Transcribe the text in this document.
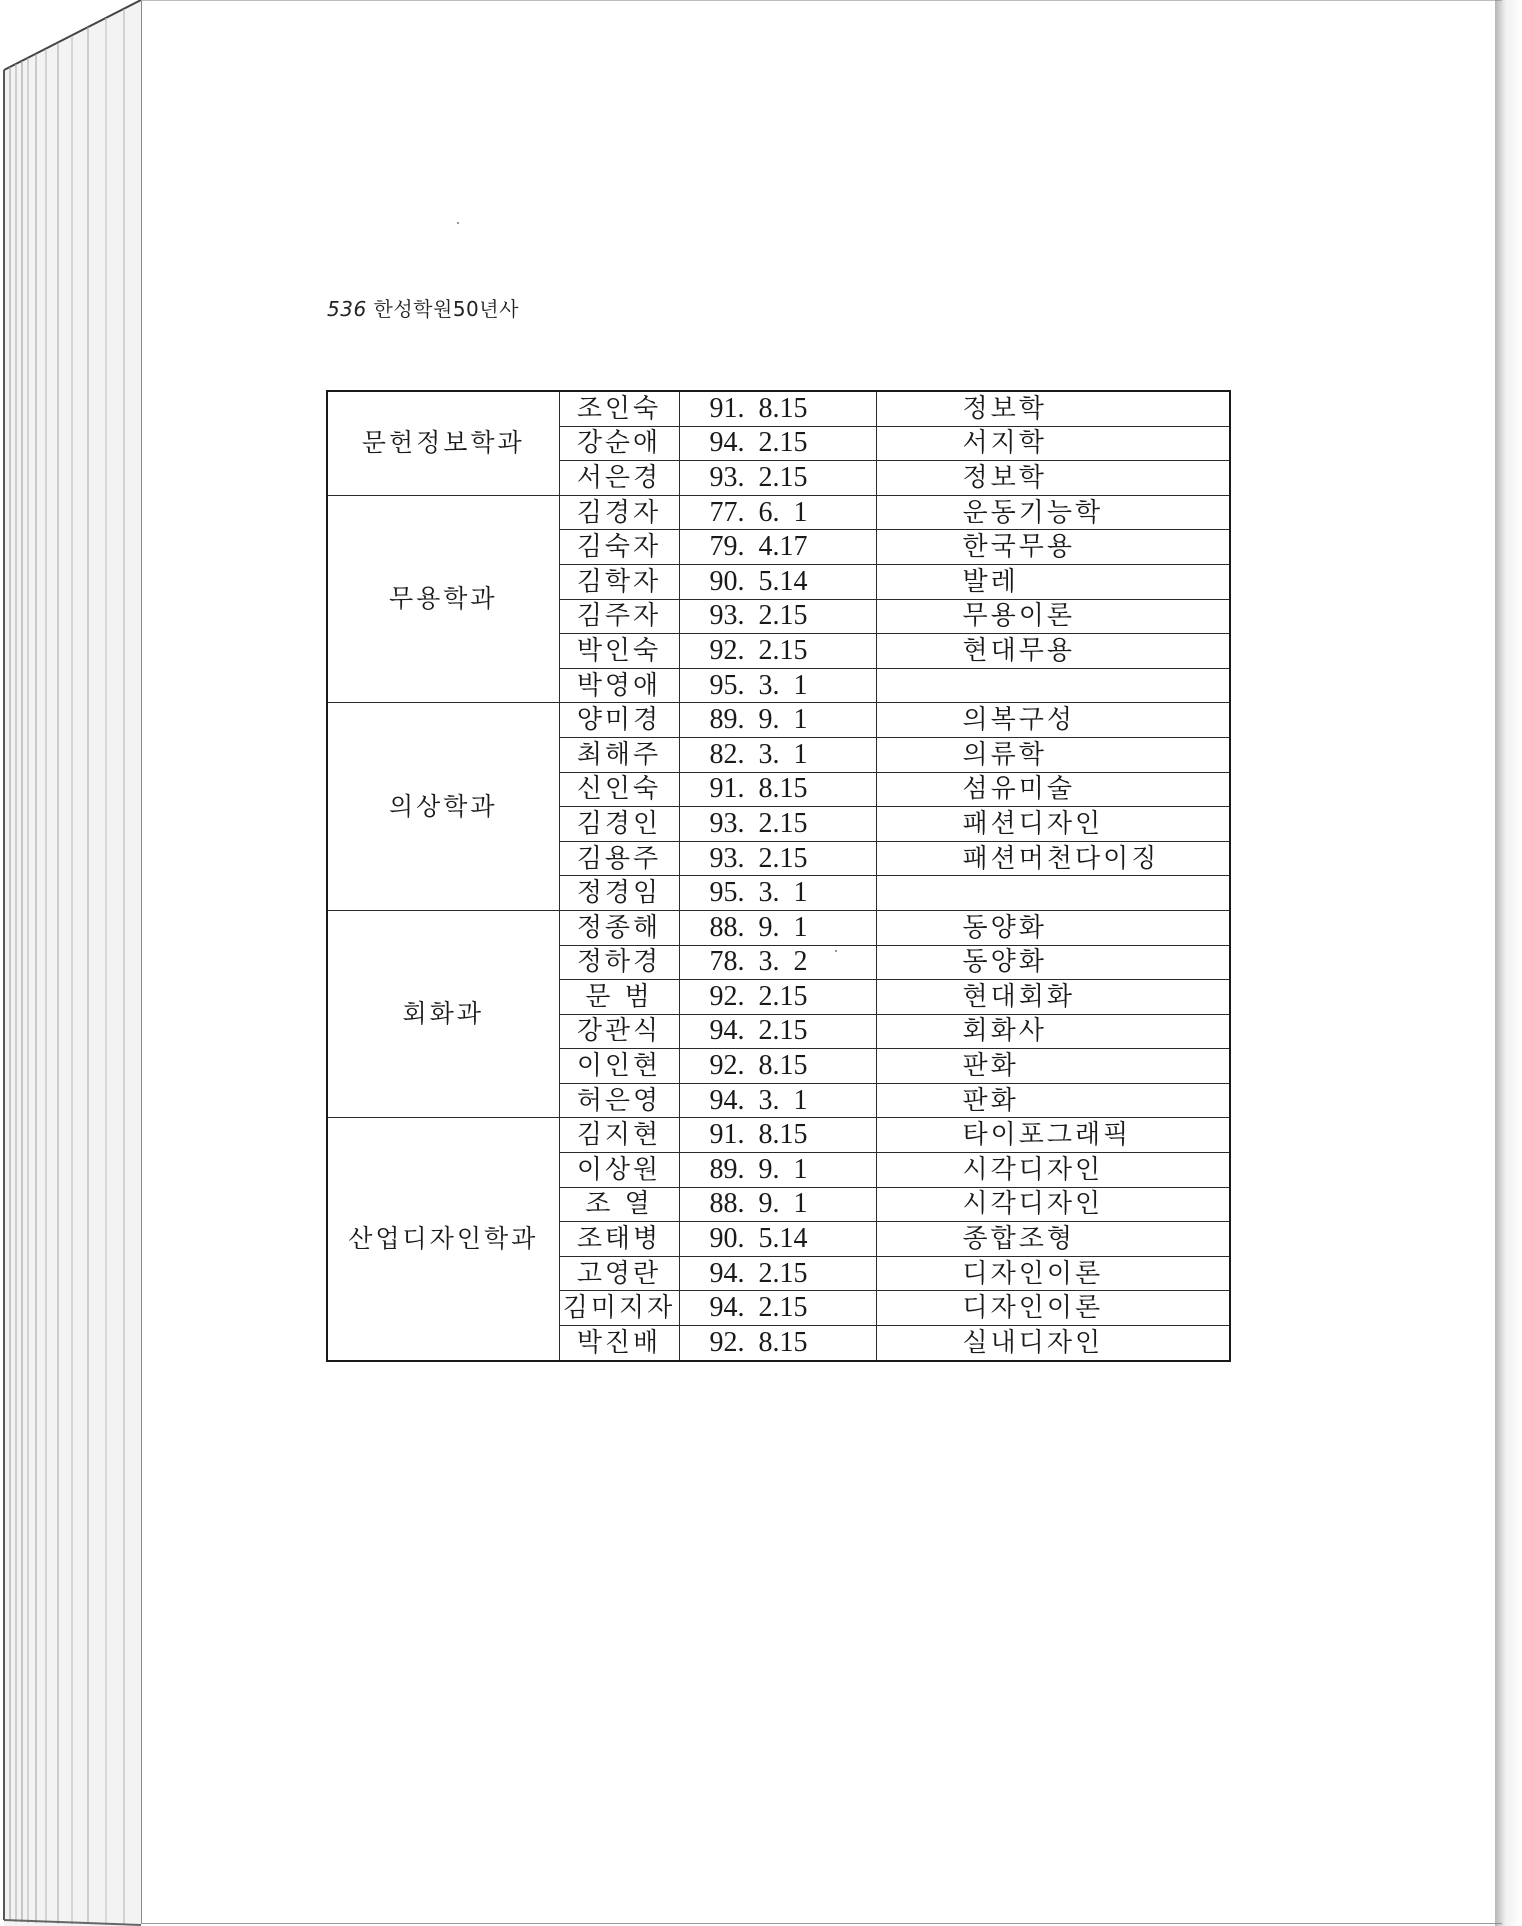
536 한성학원50년사
문헌정보학과	조인숙	91.  8.15	정보학
	강순애	94.  2.15	서지학
	서은경	93.  2.15	정보학
무용학과	김경자	77.  6.  1	운동기능학
	김숙자	79.  4.17	한국무용
	김학자	90.  5.14	발레
	김주자	93.  2.15	무용이론
	박인숙	92.  2.15	현대무용
	박영애	95.  3.  1	
의상학과	양미경	89.  9.  1	의복구성
	최해주	82.  3.  1	의류학
	신인숙	91.  8.15	섬유미술
	김경인	93.  2.15	패션디자인
	김용주	93.  2.15	패션머천다이징
	정경임	95.  3.  1	
회화과	정종해	88.  9.  1	동양화
	정하경	78.  3.  2	동양화
	문 범	92.  2.15	현대회화
	강관식	94.  2.15	회화사
	이인현	92.  8.15	판화
	허은영	94.  3.  1	판화
산업디자인학과	김지현	91.  8.15	타이포그래픽
	이상원	89.  9.  1	시각디자인
	조 열	88.  9.  1	시각디자인
	조태병	90.  5.14	종합조형
	고영란	94.  2.15	디자인이론
	김미지자	94.  2.15	디자인이론
	박진배	92.  8.15	실내디자인
